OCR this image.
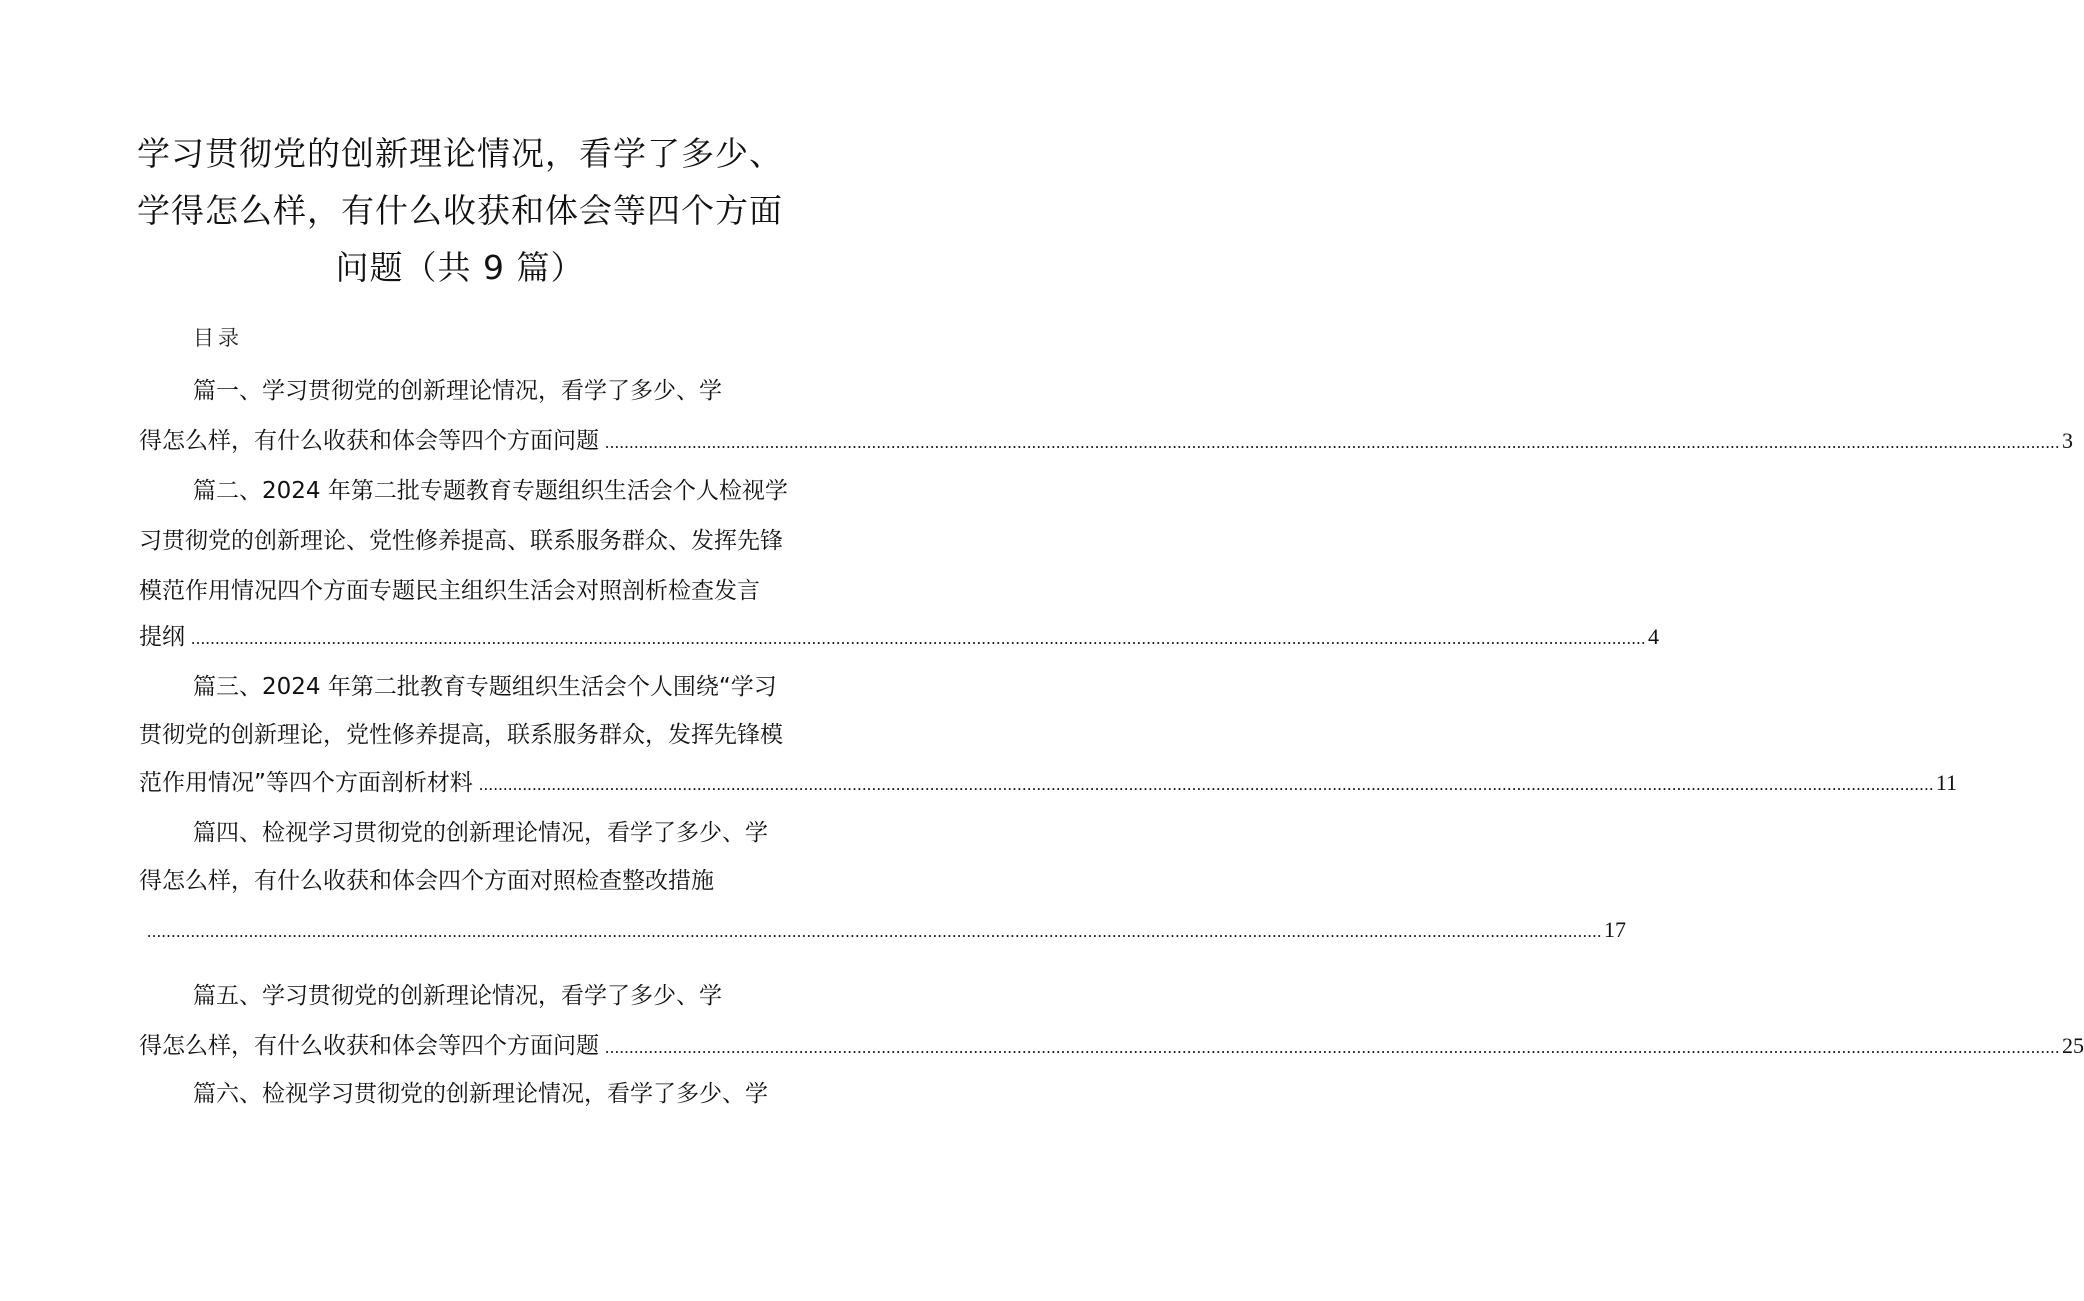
学习贯彻党的创新理论情况，看学了多少、
学得怎么样，有什么收获和体会等四个方面
问题（共 9 篇）
目录
篇一、学习贯彻党的创新理论情况，看学了多少、学
得怎么样，有什么收获和体会等四个方面问题 ............................................................................................................................................................................................................................................................................................................ 3
篇二、2024 年第二批专题教育专题组织生活会个人检视学
习贯彻党的创新理论、党性修养提高、联系服务群众、发挥先锋
模范作用情况四个方面专题民主组织生活会对照剖析检查发言
提纲 ............................................................................................................................................................................................................................................................................................................ 4
篇三、2024 年第二批教育专题组织生活会个人围绕“学习
贯彻党的创新理论，党性修养提高，联系服务群众，发挥先锋模
范作用情况”等四个方面剖析材料 ............................................................................................................................................................................................................................................................................................................ 11
篇四、检视学习贯彻党的创新理论情况，看学了多少、学
得怎么样，有什么收获和体会四个方面对照检查整改措施
............................................................................................................................................................................................................................................................................................................ 17
篇五、学习贯彻党的创新理论情况，看学了多少、学
得怎么样，有什么收获和体会等四个方面问题 ............................................................................................................................................................................................................................................................................................................ 25
篇六、检视学习贯彻党的创新理论情况，看学了多少、学
